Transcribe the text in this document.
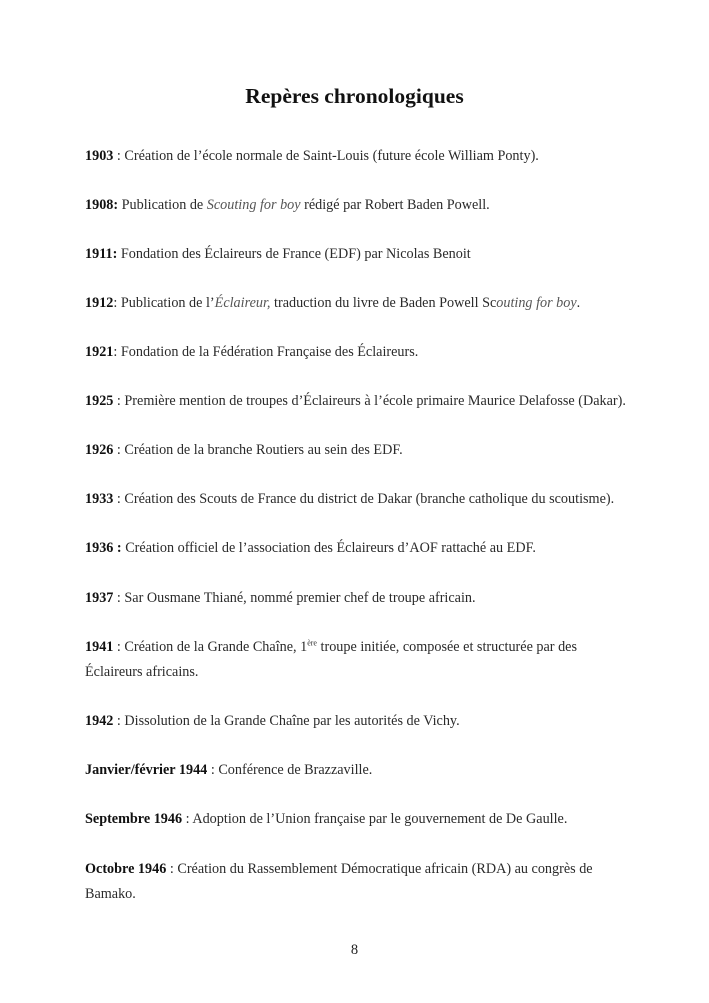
Repères chronologiques
1903 : Création de l’école normale de Saint-Louis (future école William Ponty).
1908: Publication de Scouting for boy rédigé par Robert Baden Powell.
1911: Fondation des Éclaireurs de France (EDF) par Nicolas Benoit
1912: Publication de l’Éclaireur, traduction du livre de Baden Powell Scouting for boy.
1921: Fondation de la Fédération Française des Éclaireurs.
1925 : Première mention de troupes d’Éclaireurs à l’école primaire Maurice Delafosse (Dakar).
1926 : Création de la branche Routiers au sein des EDF.
1933 : Création des Scouts de France du district de Dakar (branche catholique du scoutisme).
1936 : Création officiel de l’association des Éclaireurs d’AOF rattaché au EDF.
1937 : Sar Ousmane Thiané, nommé premier chef de troupe africain.
1941 : Création de la Grande Chaîne, 1ère troupe initiée, composée et structurée par des Éclaireurs africains.
1942 : Dissolution de la Grande Chaîne par les autorités de Vichy.
Janvier/février 1944 : Conférence de Brazzaville.
Septembre 1946 : Adoption de l’Union française par le gouvernement de De Gaulle.
Octobre 1946 : Création du Rassemblement Démocratique africain (RDA) au congrès de Bamako.
8
